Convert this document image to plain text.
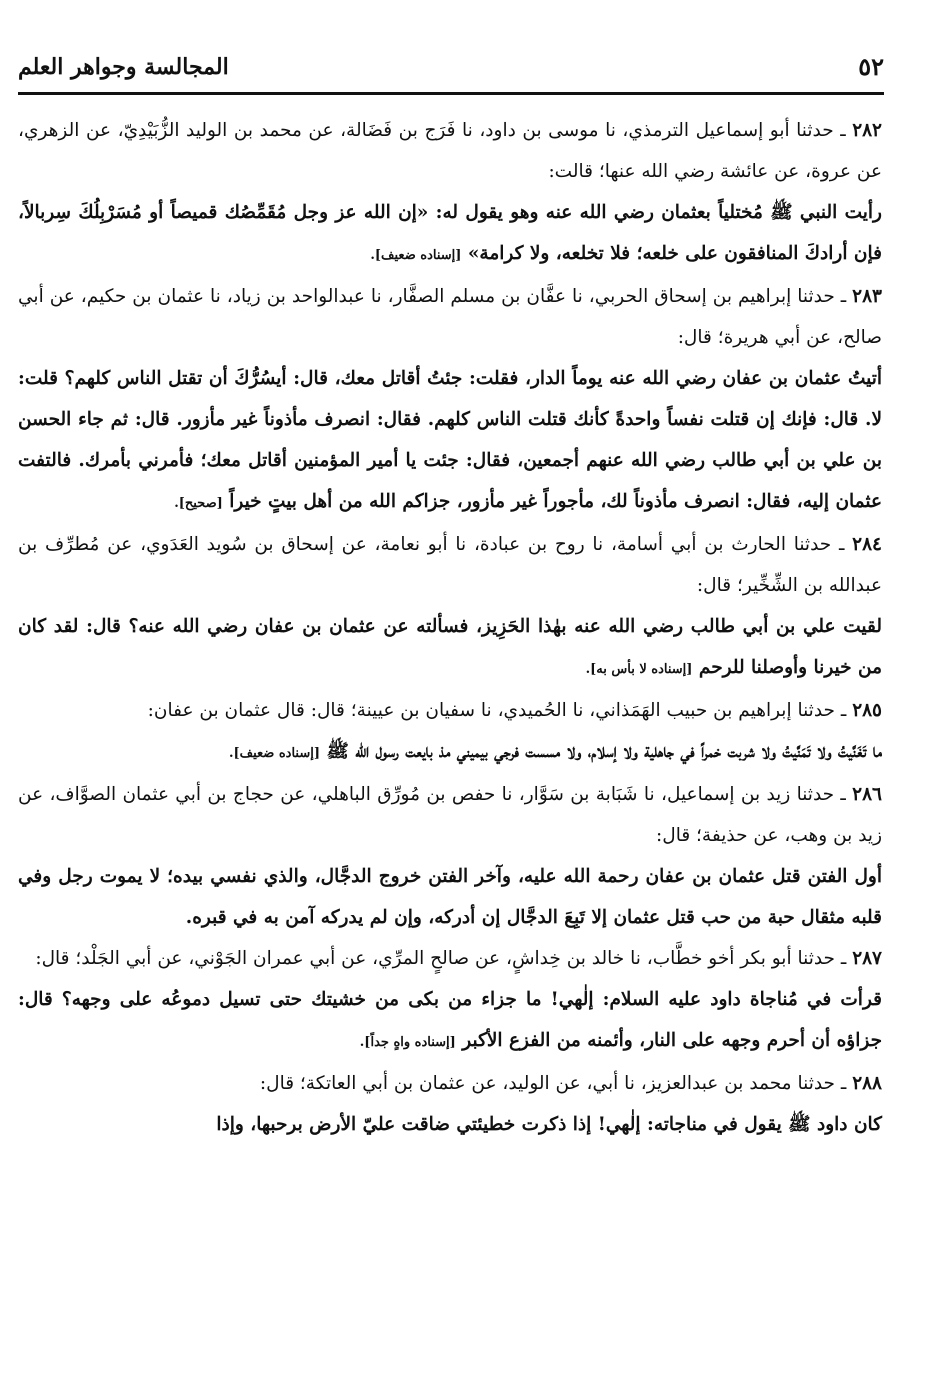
٥٢
المجالسة وجواهر العلم

٢٨٢ ـ حدثنا أبو إسماعيل الترمذي، نا موسى بن داود، نا فَرَج بن فَضَالة، عن محمد بن الوليد الزُّبَيْدِيّ، عن الزهري، عن عروة، عن عائشة رضي الله عنها؛ قالت:

رأيت النبي ﷺ مُختلياً بعثمان رضي الله عنه وهو يقول له: «إن الله عز وجل مُقَمِّصُك قميصاً أو مُسَرْبِلُكَ سِربالاً، فإن أرادكَ المنافقون على خلعه؛ فلا تخلعه، ولا كرامة» [إسناده ضعيف].

٢٨٣ ـ حدثنا إبراهيم بن إسحاق الحربي، نا عفَّان بن مسلم الصفَّار، نا عبدالواحد بن زياد، نا عثمان بن حكيم، عن أبي صالح، عن أبي هريرة؛ قال:

أتيتُ عثمان بن عفان رضي الله عنه يوماً الدار، فقلت: جئتُ أقاتل معك، قال: أيسُرُّكَ أن تقتل الناس كلهم؟ قلت: لا. قال: فإنك إن قتلت نفساً واحدةً كأنك قتلت الناس كلهم. فقال: انصرف مأذوناً غير مأزور. قال: ثم جاء الحسن بن علي بن أبي طالب رضي الله عنهم أجمعين، فقال: جئت يا أمير المؤمنين أقاتل معك؛ فأمرني بأمرك. فالتفت عثمان إليه، فقال: انصرف مأذوناً لك، مأجوراً غير مأزور، جزاكم الله من أهل بيتٍ خيراً [صحيح].

٢٨٤ ـ حدثنا الحارث بن أبي أسامة، نا روح بن عبادة، نا أبو نعامة، عن إسحاق بن سُويد العَدَوي، عن مُطرِّف بن عبدالله بن الشِّخِّير؛ قال:

لقيت علي بن أبي طالب رضي الله عنه بهٰذا الحَزِيز، فسألته عن عثمان بن عفان رضي الله عنه؟ قال: لقد كان من خيرنا وأوصلنا للرحم [إسناده لا بأس به].

٢٨٥ ـ حدثنا إبراهيم بن حبيب الهَمَذاني، نا الحُميدي، نا سفيان بن عيينة؛ قال: قال عثمان بن عفان:

ما تَغَنَّيتُ ولا تَمَنَّيتُ ولا شربت خمراً في جاهلية ولا إسلام، ولا مسست فرجي بيميني مذ بايعت رسول الله ﷺ [إسناده ضعيف].

٢٨٦ ـ حدثنا زيد بن إسماعيل، نا شَبَابة بن سَوَّار، نا حفص بن مُورِّق الباهلي، عن حجاج بن أبي عثمان الصوَّاف، عن زيد بن وهب، عن حذيفة؛ قال:

أول الفتن قتل عثمان بن عفان رحمة الله عليه، وآخر الفتن خروج الدجَّال، والذي نفسي بيده؛ لا يموت رجل وفي قلبه مثقال حبة من حب قتل عثمان إلا تَبِعَ الدجَّال إن أدركه، وإن لم يدركه آمن به في قبره.

٢٨٧ ـ حدثنا أبو بكر أخو خطَّاب، نا خالد بن خِداشٍ، عن صالحٍ المرِّي، عن أبي عمران الجَوْني، عن أبي الجَلْد؛ قال:

قرأت في مُناجاة داود عليه السلام: إلٰهي! ما جزاء من بكى من خشيتك حتى تسيل دموعُه على وجهه؟ قال: جزاؤه أن أحرم وجهه على النار، وأئمنه من الفزع الأكبر [إسناده واهٍ جداً].

٢٨٨ ـ حدثنا محمد بن عبدالعزيز، نا أبي، عن الوليد، عن عثمان بن أبي العاتكة؛ قال:

كان داود ﷺ يقول في مناجاته: إلٰهي! إذا ذكرت خطيئتي ضاقت عليّ الأرض برحبها، وإذا
